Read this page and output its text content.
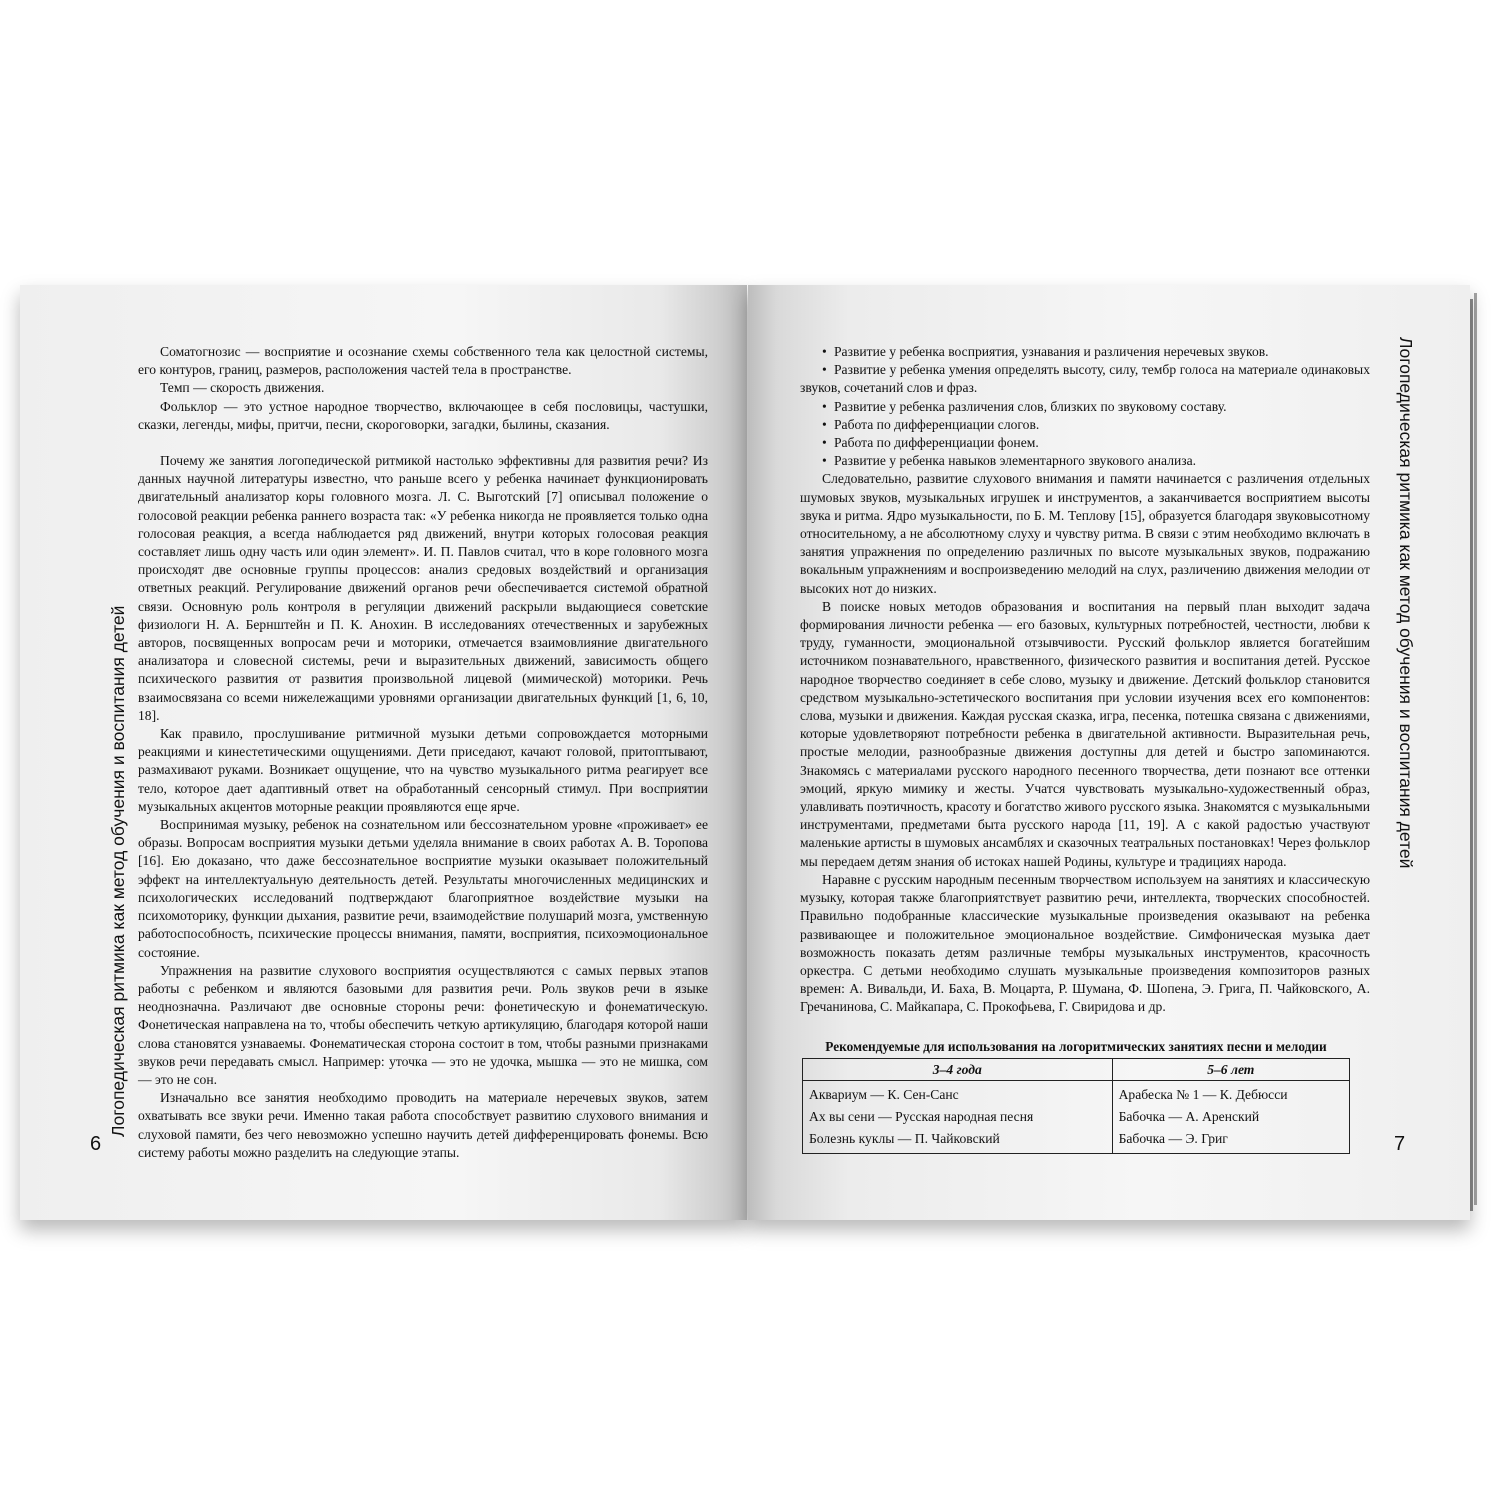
Логопедическая ритмика как метод обучения и воспитания детей

Соматогнозис — восприятие и осознание схемы собственного тела как целостной системы, его контуров, границ, размеров, расположения частей тела в пространстве.

Темп — скорость движения.

Фольклор — это устное народное творчество, включающее в себя пословицы, частушки, сказки, легенды, мифы, притчи, песни, скороговорки, загадки, былины, сказания.

Почему же занятия логопедической ритмикой настолько эффективны для развития речи? Из данных научной литературы известно, что раньше всего у ребенка начинает функционировать двигательный анализатор коры головного мозга. Л. С. Выготский [7] описывал положение о голосовой реакции ребенка раннего возраста так: «У ребенка никогда не проявляется только одна голосовая реакция, а всегда наблюдается ряд движений, внутри которых голосовая реакция составляет лишь одну часть или один элемент». И. П. Павлов считал, что в коре головного мозга происходят две основные группы процессов: анализ средовых воздействий и организация ответных реакций. Регулирование движений органов речи обеспечивается системой обратной связи. Основную роль контроля в регуляции движений раскрыли выдающиеся советские физиологи Н. А. Бернштейн и П. К. Анохин. В исследованиях отечественных и зарубежных авторов, посвященных вопросам речи и моторики, отмечается взаимовлияние двигательного анализатора и словесной системы, речи и выразительных движений, зависимость общего психического развития от развития произвольной лицевой (мимической) моторики. Речь взаимосвязана со всеми нижележащими уровнями организации двигательных функций [1, 6, 10, 18].

Как правило, прослушивание ритмичной музыки детьми сопровождается моторными реакциями и кинестетическими ощущениями. Дети приседают, качают головой, притоптывают, размахивают руками. Возникает ощущение, что на чувство музыкального ритма реагирует все тело, которое дает адаптивный ответ на обработанный сенсорный стимул. При восприятии музыкальных акцентов моторные реакции проявляются еще ярче.

Воспринимая музыку, ребенок на сознательном или бессознательном уровне «проживает» ее образы. Вопросам восприятия музыки детьми уделяла внимание в своих работах А. В. Торопова [16]. Ею доказано, что даже бессознательное восприятие музыки оказывает положительный эффект на интеллектуальную деятельность детей. Результаты многочисленных медицинских и психологических исследований подтверждают благоприятное воздействие музыки на психомоторику, функции дыхания, развитие речи, взаимодействие полушарий мозга, умственную работоспособность, психические процессы внимания, памяти, восприятия, психоэмоциональное состояние.

Упражнения на развитие слухового восприятия осуществляются с самых первых этапов работы с ребенком и являются базовыми для развития речи. Роль звуков речи в языке неоднозначна. Различают две основные стороны речи: фонетическую и фонематическую. Фонетическая направлена на то, чтобы обеспечить четкую артикуляцию, благодаря которой наши слова становятся узнаваемы. Фонематическая сторона состоит в том, чтобы разными признаками звуков речи передавать смысл. Например: уточка — это не удочка, мышка — это не мишка, сом — это не сон.

Изначально все занятия необходимо проводить на материале неречевых звуков, затем охватывать все звуки речи. Именно такая работа способствует развитию слухового внимания и слуховой памяти, без чего невозможно успешно научить детей дифференцировать фонемы. Всю систему работы можно разделить на следующие этапы.

6
Логопедическая ритмика как метод обучения и воспитания детей
• Развитие у ребенка восприятия, узнавания и различения неречевых звуков.
• Развитие у ребенка умения определять высоту, силу, тембр голоса на материале одинаковых звуков, сочетаний слов и фраз.
• Развитие у ребенка различения слов, близких по звуковому составу.
• Работа по дифференциации слогов.
• Работа по дифференциации фонем.
• Развитие у ребенка навыков элементарного звукового анализа.

Следовательно, развитие слухового внимания и памяти начинается с различения отдельных шумовых звуков, музыкальных игрушек и инструментов, а заканчивается восприятием высоты звука и ритма. Ядро музыкальности, по Б. М. Теплову [15], образуется благодаря звуковысотному относительному, а не абсолютному слуху и чувству ритма. В связи с этим необходимо включать в занятия упражнения по определению различных по высоте музыкальных звуков, подражанию вокальным упражнениям и воспроизведению мелодий на слух, различению движения мелодии от высоких нот до низких.

В поиске новых методов образования и воспитания на первый план выходит задача формирования личности ребенка — его базовых, культурных потребностей, честности, любви к труду, гуманности, эмоциональной отзывчивости. Русский фольклор является богатейшим источником познавательного, нравственного, физического развития и воспитания детей. Русское народное творчество соединяет в себе слово, музыку и движение. Детский фольклор становится средством музыкально-эстетического воспитания при условии изучения всех его компонентов: слова, музыки и движения. Каждая русская сказка, игра, песенка, потешка связана с движениями, которые удовлетворяют потребности ребенка в двигательной активности. Выразительная речь, простые мелодии, разнообразные движения доступны для детей и быстро запоминаются. Знакомясь с материалами русского народного песенного творчества, дети познают все оттенки эмоций, яркую мимику и жесты. Учатся чувствовать музыкально-художественный образ, улавливать поэтичность, красоту и богатство живого русского языка. Знакомятся с музыкальными инструментами, предметами быта русского народа [11, 19]. А с какой радостью участвуют маленькие артисты в шумовых ансамблях и сказочных театральных постановках! Через фольклор мы передаем детям знания об истоках нашей Родины, культуре и традициях народа.

Наравне с русским народным песенным творчеством используем на занятиях и классическую музыку, которая также благоприятствует развитию речи, интеллекта, творческих способностей. Правильно подобранные классические музыкальные произведения оказывают на ребенка развивающее и положительное эмоциональное воздействие. Симфоническая музыка дает возможность показать детям различные тембры музыкальных инструментов, красочность оркестра. С детьми необходимо слушать музыкальные произведения композиторов разных времен: А. Вивальди, И. Баха, В. Моцарта, Р. Шумана, Ф. Шопена, Э. Грига, П. Чайковского, А. Гречанинова, С. Майкапара, С. Прокофьева, Г. Свиридова и др.

Рекомендуемые для использования на логоритмических занятиях песни и мелодии
3–4 года	5–6 лет
Аквариум — К. Сен-Санс	Арабеска № 1 — К. Дебюсси
Ах вы сени — Русская народная песня	Бабочка — А. Аренский
Болезнь куклы — П. Чайковский	Бабочка — Э. Григ	7
